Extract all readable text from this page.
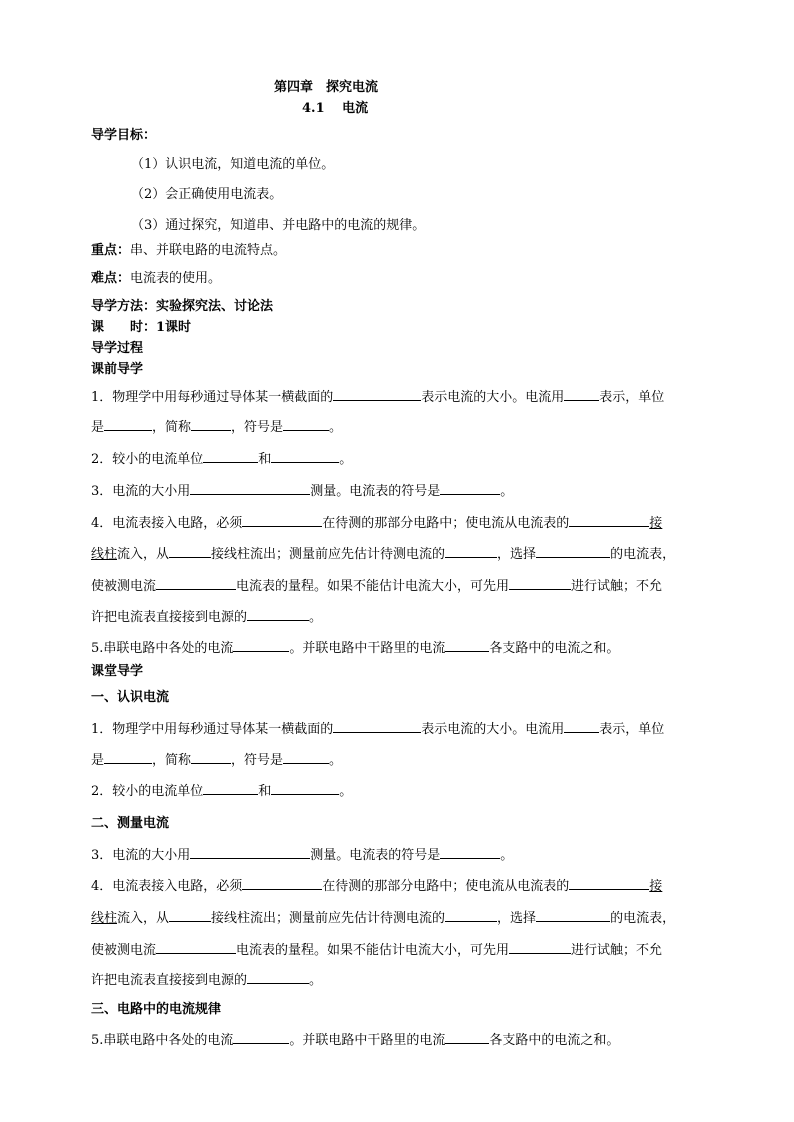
第四章　探究电流
4.1　 电流
导学目标：
（1）认识电流，知道电流的单位。
（2）会正确使用电流表。
（3）通过探究，知道串、并电路中的电流的规律。
重点：串、并联电路的电流特点。
难点：电流表的使用。
导学方法：实验探究法、讨论法
课　　时：1课时
导学过程
课前导学
1．物理学中用每秒通过导体某一横截面的	表示电流的大小。电流用	表示，单位
是	，简称	，符号是	。
2．较小的电流单位	和	。
3．电流的大小用	测量。电流表的符号是	。
4．电流表接入电路，必须	在待测的那部分电路中；使电流从电流表的	接
线柱流入，从	接线柱流出；测量前应先估计待测电流的	，选择	的电流表，
使被测电流	电流表的量程。如果不能估计电流大小，可先用	进行试触；不允
许把电流表直接接到电源的	。
5.串联电路中各处的电流	。并联电路中干路里的电流	各支路中的电流之和。
课堂导学
一、认识电流
1．物理学中用每秒通过导体某一横截面的	表示电流的大小。电流用	表示，单位
是	，简称	，符号是	。
2．较小的电流单位	和	。
二、测量电流
3．电流的大小用	测量。电流表的符号是	。
4．电流表接入电路，必须	在待测的那部分电路中；使电流从电流表的	接
线柱流入，从	接线柱流出；测量前应先估计待测电流的	，选择	的电流表，
使被测电流	电流表的量程。如果不能估计电流大小，可先用	进行试触；不允
许把电流表直接接到电源的	。
三、电路中的电流规律
5.串联电路中各处的电流	。并联电路中干路里的电流	各支路中的电流之和。
